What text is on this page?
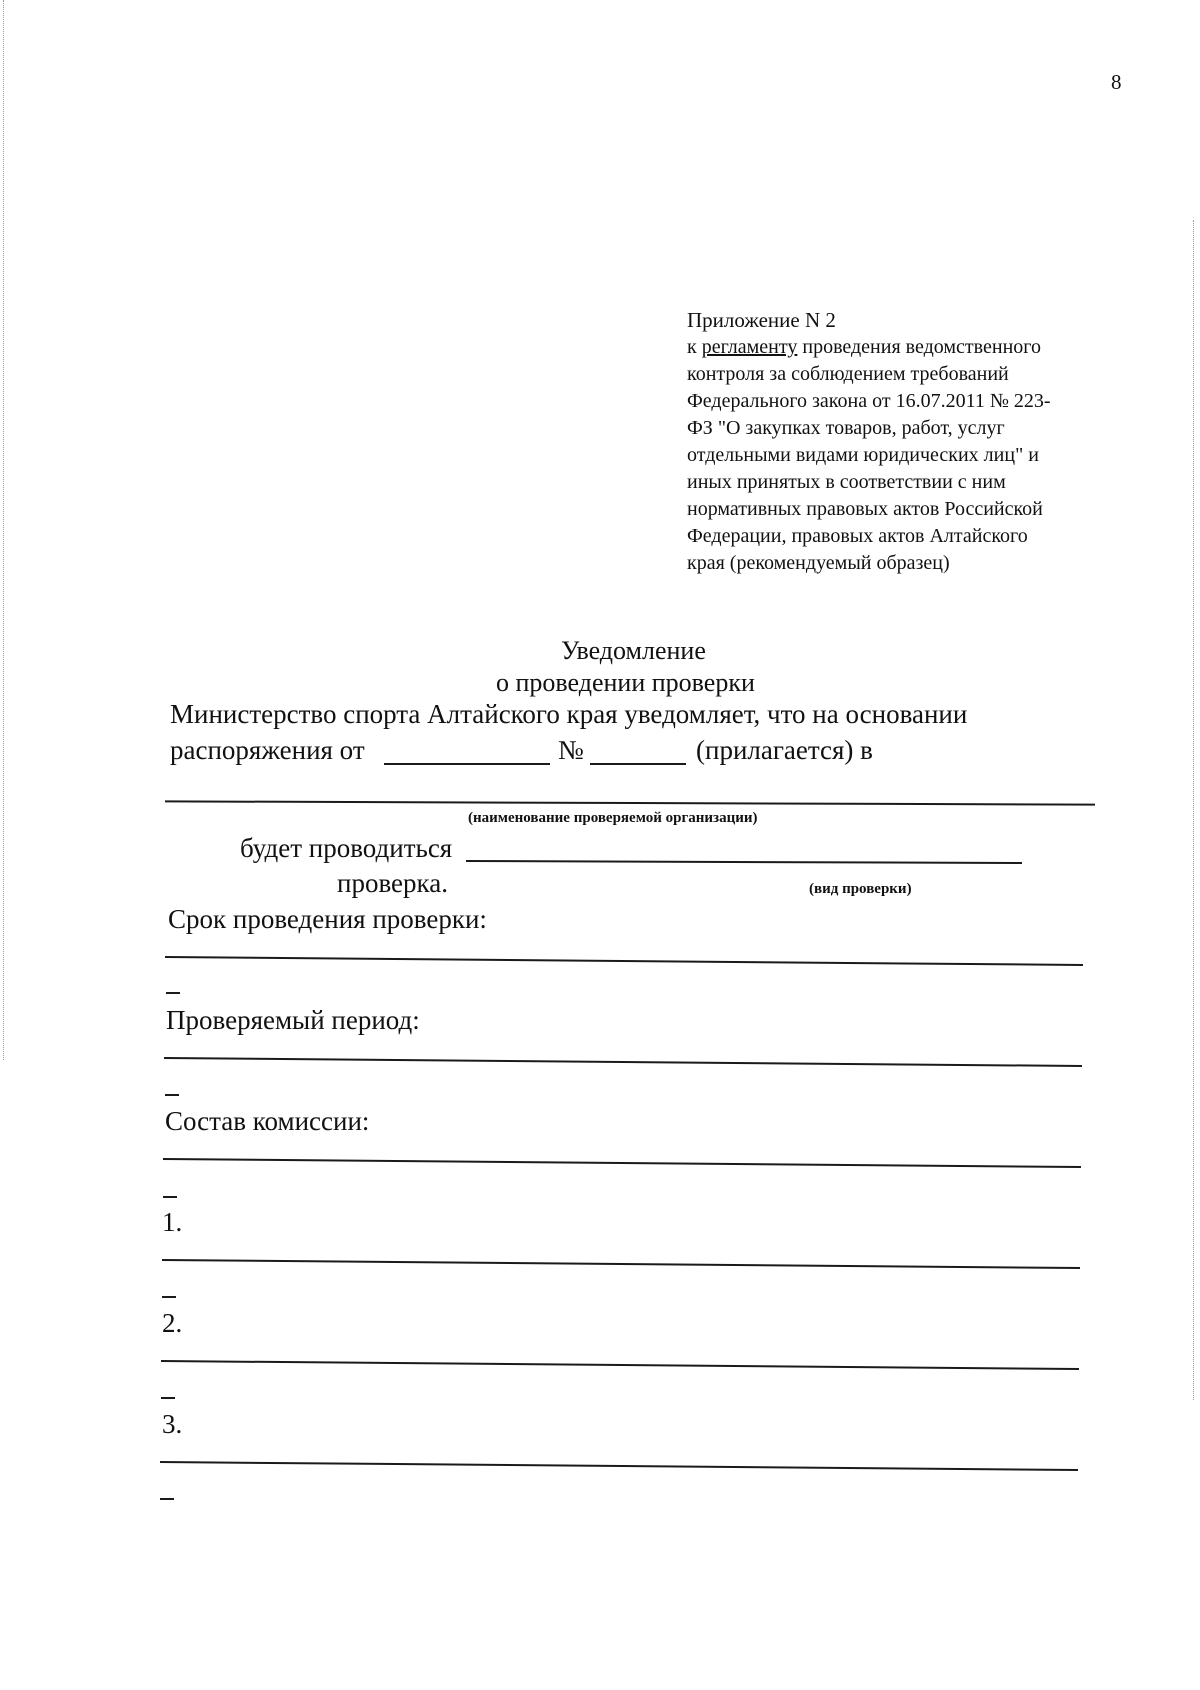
8
Приложение N 2
к регламенту проведения ведомственного
контроля за соблюдением требований
Федерального закона от 16.07.2011 № 223-
ФЗ "О закупках товаров, работ, услуг
отдельными видами юридических лиц" и
иных принятых в соответствии с ним
нормативных правовых актов Российской
Федерации, правовых актов Алтайского
края (рекомендуемый образец)
Уведомление
о проведении проверки
Министерство спорта Алтайского края уведомляет, что на основании
распоряжения от	№	(прилагается) в
(наименование проверяемой организации)
будет проводиться
проверка.	(вид проверки)
Срок проведения проверки:
Проверяемый период:
Состав комиссии:
1.
2.
3.
